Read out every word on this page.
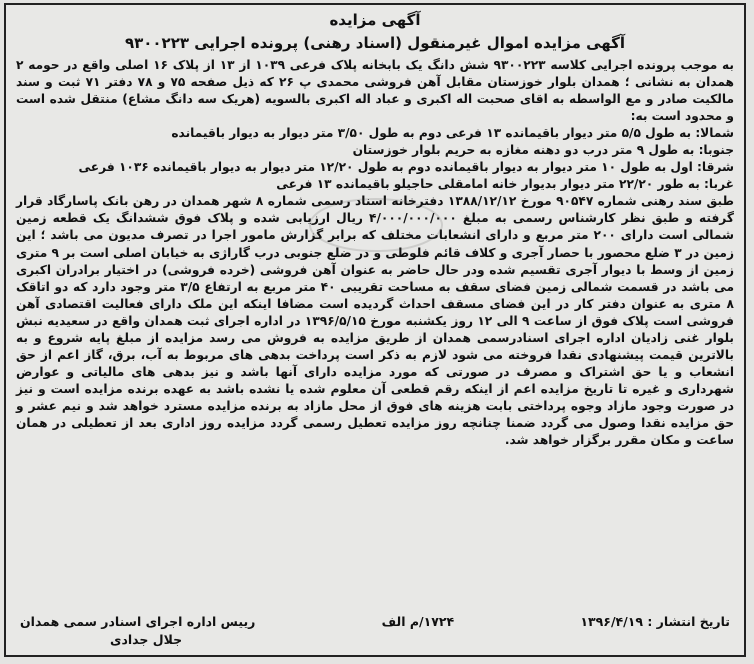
آگهی مزایده
آگهی مزایده اموال غیرمنقول (اسناد رهنی) پرونده اجرایی ۹۳۰۰۲۲۳

به موجب پرونده اجرایی کلاسه ۹۳۰۰۲۲۳ شش دانگ یک بابخانه پلاک فرعی ۱۰۳۹ از ۱۳ از پلاک ۱۶ اصلی واقع در حومه ۲ همدان به نشانی ؛ همدان بلوار خوزستان مقابل آهن فروشی محمدی پ ۲۶ که ذیل صفحه ۷۵ و ۷۸ دفتر ۷۱ ثبت و سند مالکیت صادر و مع الواسطه به اقای صحبت اله اکبری و عباد اله اکبری بالسویه (هریک سه دانگ مشاع) منتقل شده است و محدود است به:

شمالا: به طول ۵/۵ متر دیوار باقیمانده ۱۳ فرعی دوم به طول ۳/۵۰ متر دیوار به دیوار باقیمانده

جنوبا: به طول ۹ متر درب دو دهنه مغازه به حریم بلوار خوزستان

شرقا: اول به طول ۱۰ متر دیوار به دیوار باقیمانده دوم به طول ۱۲/۲۰ متر دیوار به دیوار باقیمانده ۱۰۳۶ فرعی

غربا: به طور ۲۲/۲۰ متر دیوار بدیوار خانه امامقلی حاجیلو باقیمانده ۱۳ فرعی

طبق سند رهنی شماره ۹۰۵۴۷ مورخ ۱۳۸۸/۱۲/۱۲ دفترخانه اسناد رسمی شماره ۸ شهر همدان در رهن بانک پاسارگاد قرار گرفته و طبق نظر کارشناس رسمی به مبلغ ۴/۰۰۰/۰۰۰/۰۰۰ ریال ارزیابی شده و پلاک فوق ششدانگ یک قطعه زمین شمالی است دارای ۲۰۰ متر مربع و دارای انشعابات مختلف که برابر گزارش مامور اجرا در تصرف مدیون می باشد ؛ این زمین در ۳ ضلع محصور با حصار آجری و کلاف قائم فلوطی و در ضلع جنوبی درب گاراژی به خیابان اصلی است بر ۹ متری زمین از وسط با دیوار آجری تقسیم شده ودر حال حاضر به عنوان آهن فروشی (خرده فروشی) در اختیار برادران اکبری می باشد در قسمت شمالی زمین فضای سقف به مساحت تقریبی ۴۰ متر مربع به ارتفاع ۳/۵ متر وجود دارد که دو اتاقک ۸ متری به عنوان دفتر کار در این فضای مسقف احداث گردیده است مضافا اینکه این ملک دارای فعالیت اقتصادی آهن فروشی است پلاک فوق از ساعت ۹ الی ۱۲ روز یکشنبه مورخ ۱۳۹۶/۵/۱۵ در اداره اجرای ثبت همدان واقع در سعیدیه نبش بلوار غنی زادیان اداره اجرای اسنادرسمی همدان از طریق مزایده به فروش می رسد مزایده از مبلغ پایه شروع و به بالاترین قیمت پیشنهادی نقدا فروخته می شود لازم به ذکر است پرداخت بدهی های مربوط به آب، برق، گاز اعم از حق انشعاب و یا حق اشتراک و مصرف در صورتی که مورد مزایده دارای آنها باشد و نیز بدهی های مالیاتی و عوارض شهرداری و غیره تا تاریخ مزایده اعم از اینکه رقم قطعی آن معلوم شده یا نشده باشد به عهده برنده مزایده است و نیز در صورت وجود مازاد وجوه پرداختی بابت هزینه های فوق از محل مازاد به برنده مزایده مسترد خواهد شد و نیم عشر و حق مزایده نقدا وصول می گردد ضمنا چنانچه روز مزایده تعطیل رسمی گردد مزایده روز اداری بعد از تعطیلی در همان ساعت و مکان مقرر برگزار خواهد شد.

تاریخ انتشار : ۱۳۹۶/۴/۱۹
۱۷۲۴/م الف
رییس اداره اجرای اسنادر سمی همدان
جلال جدادی
